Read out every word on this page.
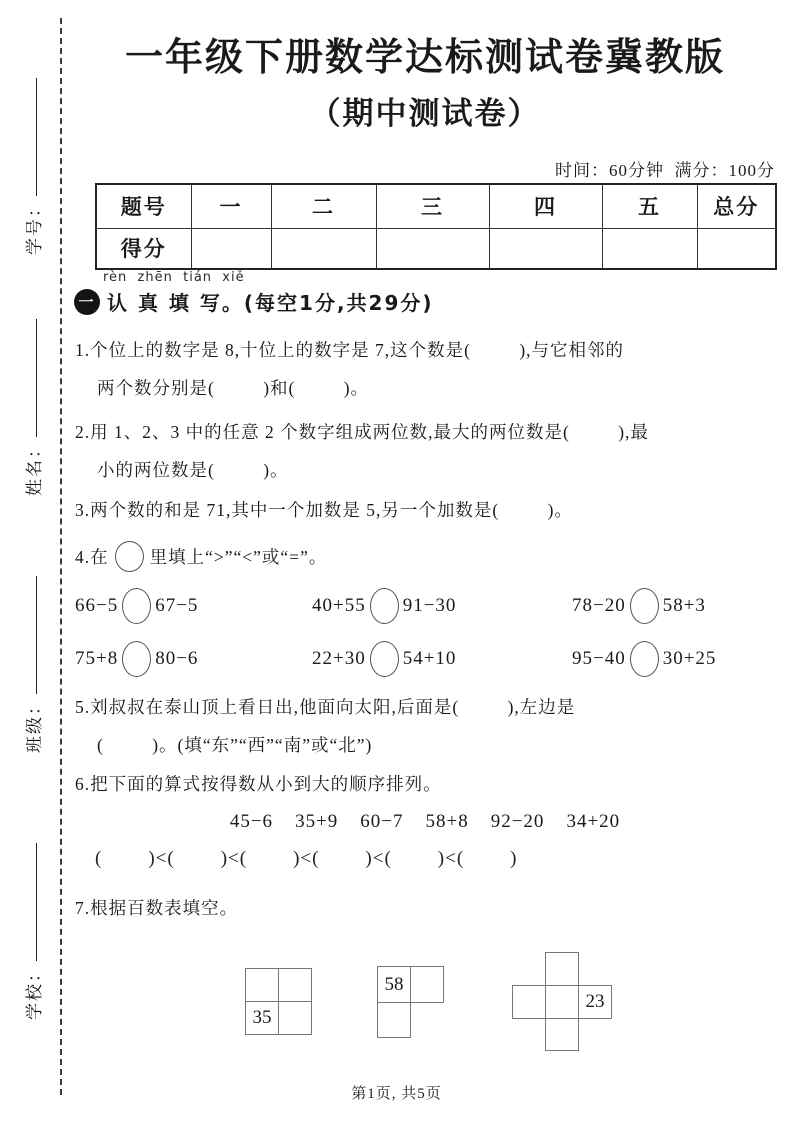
学号：
姓名：
班级：
学校：
一年级下册数学达标测试卷冀教版
（期中测试卷）
时间：60分钟  满分：100分
题号	一	二	三	四	五	总分
得分						
rèn  zhēn  tián  xiě
一 认 真 填 写。(每空1分,共29分)
1.个位上的数字是 8,十位上的数字是 7,这个数是(         ),与它相邻的
两个数分别是(         )和(         )。
2.用 1、2、3 中的任意 2 个数字组成两位数,最大的两位数是(         ),最
小的两位数是(         )。
3.两个数的和是 71,其中一个加数是 5,另一个加数是(         )。
4.在 里填上“>”“<”或“=”。
66−5 67−5	40+55 91−30	78−20 58+3
75+8 80−6	22+30 54+10	95−40 30+25
5.刘叔叔在泰山顶上看日出,他面向太阳,后面是(         ),左边是
(         )。(填“东”“西”“南”或“北”)
6.把下面的算式按得数从小到大的顺序排列。
45−6 35+9 60−7 58+8 92−20 34+20
(        )<(        )<(        )<(        )<(        )<(        )
7.根据百数表填空。
35
58
23
第1页, 共5页
